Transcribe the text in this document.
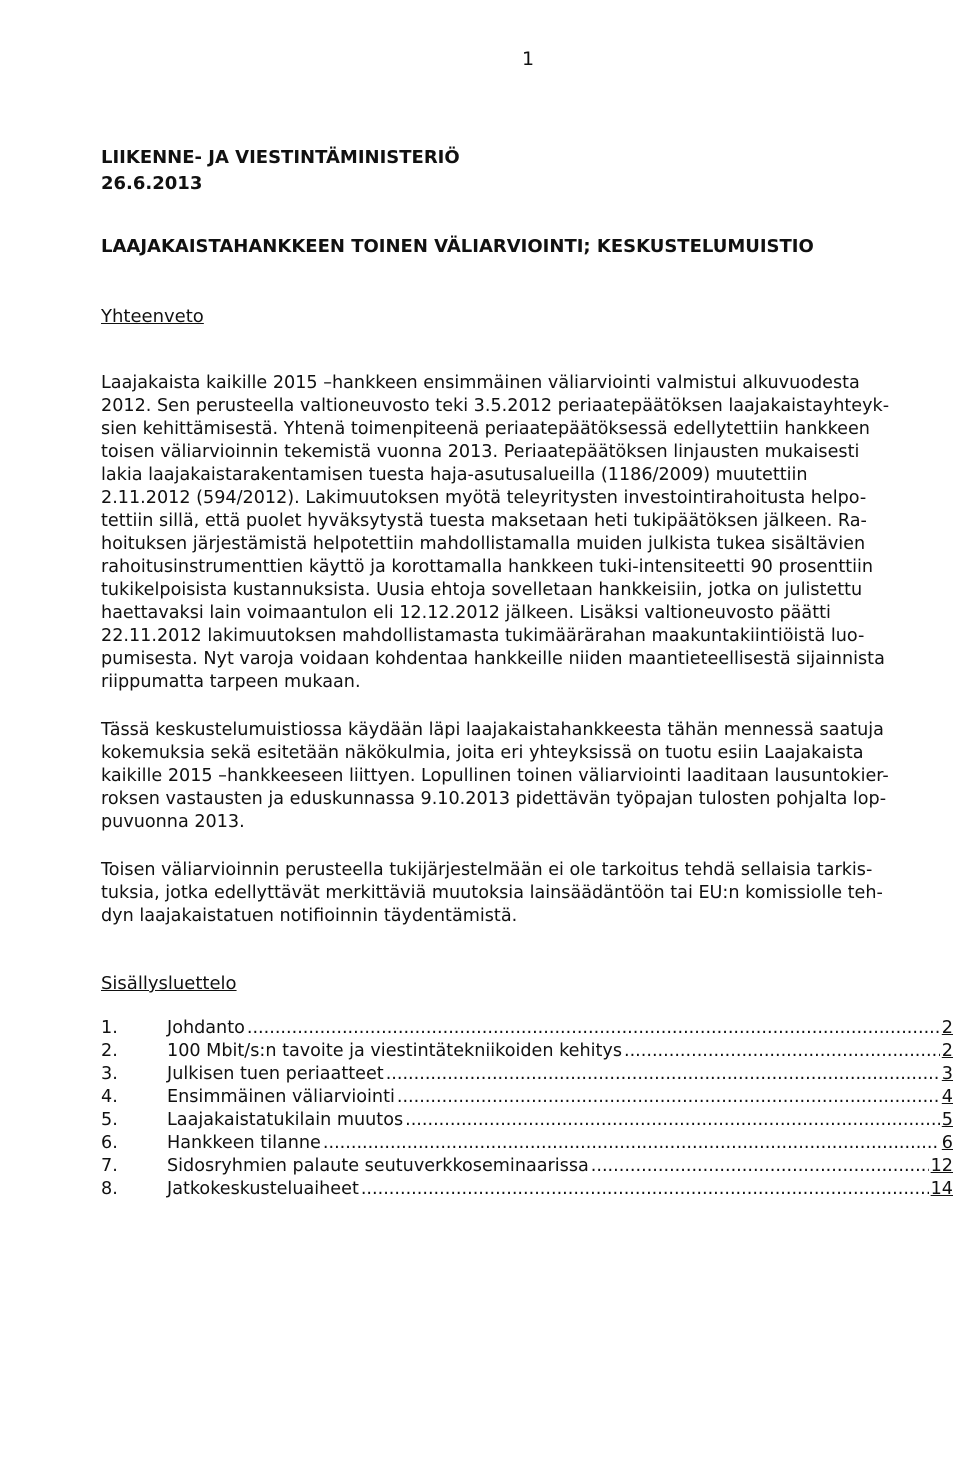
1
LIIKENNE- JA VIESTINTÄMINISTERIÖ
26.6.2013
LAAJAKAISTAHANKKEEN TOINEN VÄLIARVIOINTI; KESKUSTELUMUISTIO
Yhteenveto

Laajakaista kaikille 2015 –hankkeen ensimmäinen väliarviointi valmistui alkuvuodesta
2012. Sen perusteella valtioneuvosto teki 3.5.2012 periaatepäätöksen laajakaistayhteyk-
sien kehittämisestä. Yhtenä toimenpiteenä periaatepäätöksessä edellytettiin hankkeen
toisen väliarvioinnin tekemistä vuonna 2013. Periaatepäätöksen linjausten mukaisesti
lakia laajakaistarakentamisen tuesta haja-asutusalueilla (1186/2009) muutettiin
2.11.2012 (594/2012). Lakimuutoksen myötä teleyritysten investointirahoitusta helpo-
tettiin sillä, että puolet hyväksytystä tuesta maksetaan heti tukipäätöksen jälkeen. Ra-
hoituksen järjestämistä helpotettiin mahdollistamalla muiden julkista tukea sisältävien
rahoitusinstrumenttien käyttö ja korottamalla hankkeen tuki-intensiteetti 90 prosenttiin
tukikelpoisista kustannuksista. Uusia ehtoja sovelletaan hankkeisiin, jotka on julistettu
haettavaksi lain voimaantulon eli 12.12.2012 jälkeen. Lisäksi valtioneuvosto päätti
22.11.2012 lakimuutoksen mahdollistamasta tukimäärärahan maakuntakiintiöistä luo-
pumisesta. Nyt varoja voidaan kohdentaa hankkeille niiden maantieteellisestä sijainnista
riippumatta tarpeen mukaan.

Tässä keskustelumuistiossa käydään läpi laajakaistahankkeesta tähän mennessä saatuja
kokemuksia sekä esitetään näkökulmia, joita eri yhteyksissä on tuotu esiin Laajakaista
kaikille 2015 –hankkeeseen liittyen. Lopullinen toinen väliarviointi laaditaan lausuntokier-
roksen vastausten ja eduskunnassa 9.10.2013 pidettävän työpajan tulosten pohjalta lop-
puvuonna 2013.

Toisen väliarvioinnin perusteella tukijärjestelmään ei ole tarkoitus tehdä sellaisia tarkis-
tuksia, jotka edellyttävät merkittäviä muutoksia lainsäädäntöön tai EU:n komissiolle teh-
dyn laajakaistatuen notifioinnin täydentämistä.

Sisällysluettelo
1.	Johdanto .....	2
2.	100 Mbit/s:n tavoite ja viestintätekniikoiden kehitys .....	2
3.	Julkisen tuen periaatteet .....	3
4.	Ensimmäinen väliarviointi .....	4
5.	Laajakaistatukilain muutos .....	5
6.	Hankkeen tilanne .....	6
7.	Sidosryhmien palaute seutuverkkoseminaarissa .....	12
8.	Jatkokeskusteluaiheet .....	14
